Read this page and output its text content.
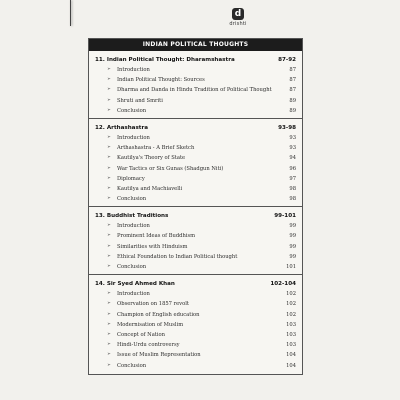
d
drishti
INDIAN POLITICAL THOUGHTS
11. Indian Political Thought: Dharamshastra	87-92
➢	Introduction	87
➢	Indian Political Thought: Sources	87
➢	Dharma and Danda in Hindu Tradition of Political Thought	87
➢	Shruti and Smriti	89
➢	Conclusion	89
12. Arthashastra	93-98
➢	Introduction	93
➢	Arthashastra - A Brief Sketch	93
➢	Kautilya's Theory of State	94
➢	War Tactics or Six Gunas (Shadgun Niti)	96
➢	Diplomacy	97
➢	Kautilya and Machiavelli	98
➢	Conclusion	98
13. Buddhist Traditions	99-101
➢	Introduction	99
➢	Prominent Ideas of Buddhism	99
➢	Similarities with Hinduism	99
➢	Ethical Foundation to Indian Political thought	99
➢	Conclusion	101
14. Sir Syed Ahmed Khan	102-104
➢	Introduction	102
➢	Observation on 1857 revolt	102
➢	Champion of English education	102
➢	Modernisation of Muslim	103
➢	Concept of Nation	103
➢	Hindi-Urdu controversy	103
➢	Issue of Muslim Representation	104
➢	Conclusion	104
